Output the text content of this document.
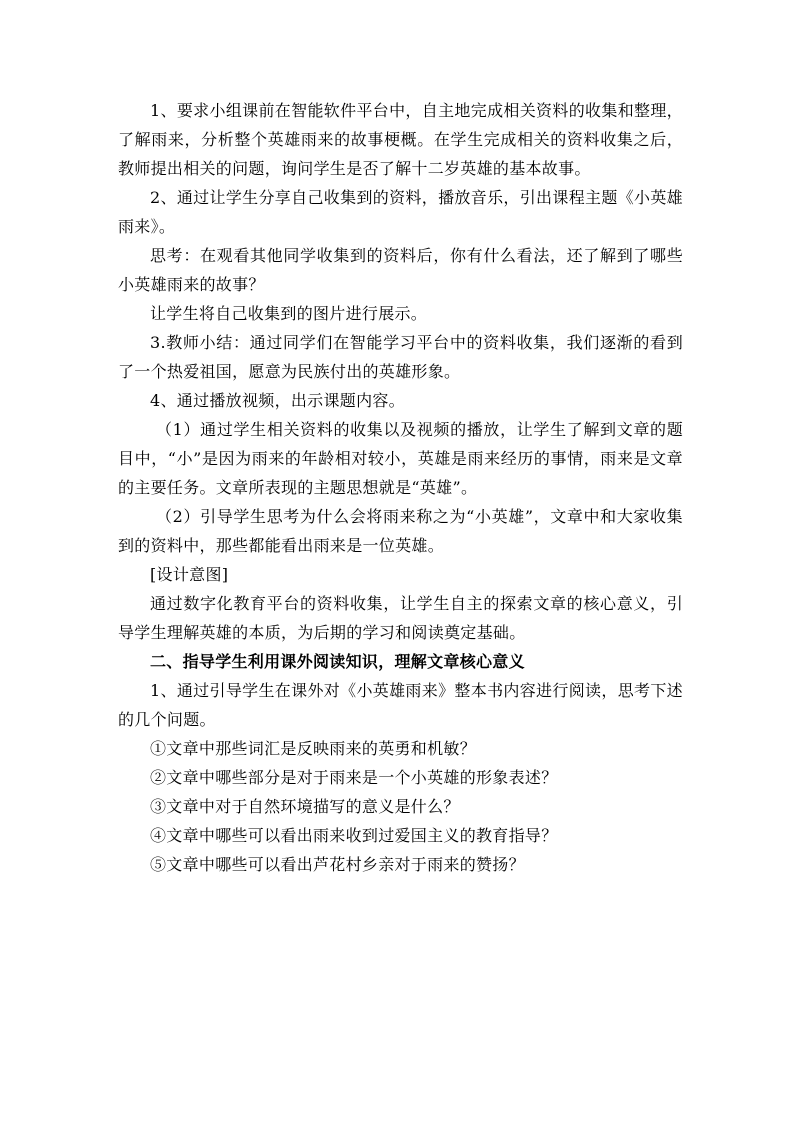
1、要求小组课前在智能软件平台中，自主地完成相关资料的收集和整理，了解雨来，分析整个英雄雨来的故事梗概。在学生完成相关的资料收集之后，教师提出相关的问题，询问学生是否了解十二岁英雄的基本故事。

2、通过让学生分享自己收集到的资料，播放音乐，引出课程主题《小英雄雨来》。

思考：在观看其他同学收集到的资料后，你有什么看法，还了解到了哪些小英雄雨来的故事？

让学生将自己收集到的图片进行展示。

3.教师小结：通过同学们在智能学习平台中的资料收集，我们逐渐的看到了一个热爱祖国，愿意为民族付出的英雄形象。

4、通过播放视频，出示课题内容。

（1）通过学生相关资料的收集以及视频的播放，让学生了解到文章的题目中，“小”是因为雨来的年龄相对较小，英雄是雨来经历的事情，雨来是文章的主要任务。文章所表现的主题思想就是“英雄”。

（2）引导学生思考为什么会将雨来称之为“小英雄”，文章中和大家收集到的资料中，那些都能看出雨来是一位英雄。

[设计意图]

通过数字化教育平台的资料收集，让学生自主的探索文章的核心意义，引导学生理解英雄的本质，为后期的学习和阅读奠定基础。

二、指导学生利用课外阅读知识，理解文章核心意义

1、通过引导学生在课外对《小英雄雨来》整本书内容进行阅读，思考下述的几个问题。

①文章中那些词汇是反映雨来的英勇和机敏？

②文章中哪些部分是对于雨来是一个小英雄的形象表述？

③文章中对于自然环境描写的意义是什么？

④文章中哪些可以看出雨来收到过爱国主义的教育指导？

⑤文章中哪些可以看出芦花村乡亲对于雨来的赞扬？
